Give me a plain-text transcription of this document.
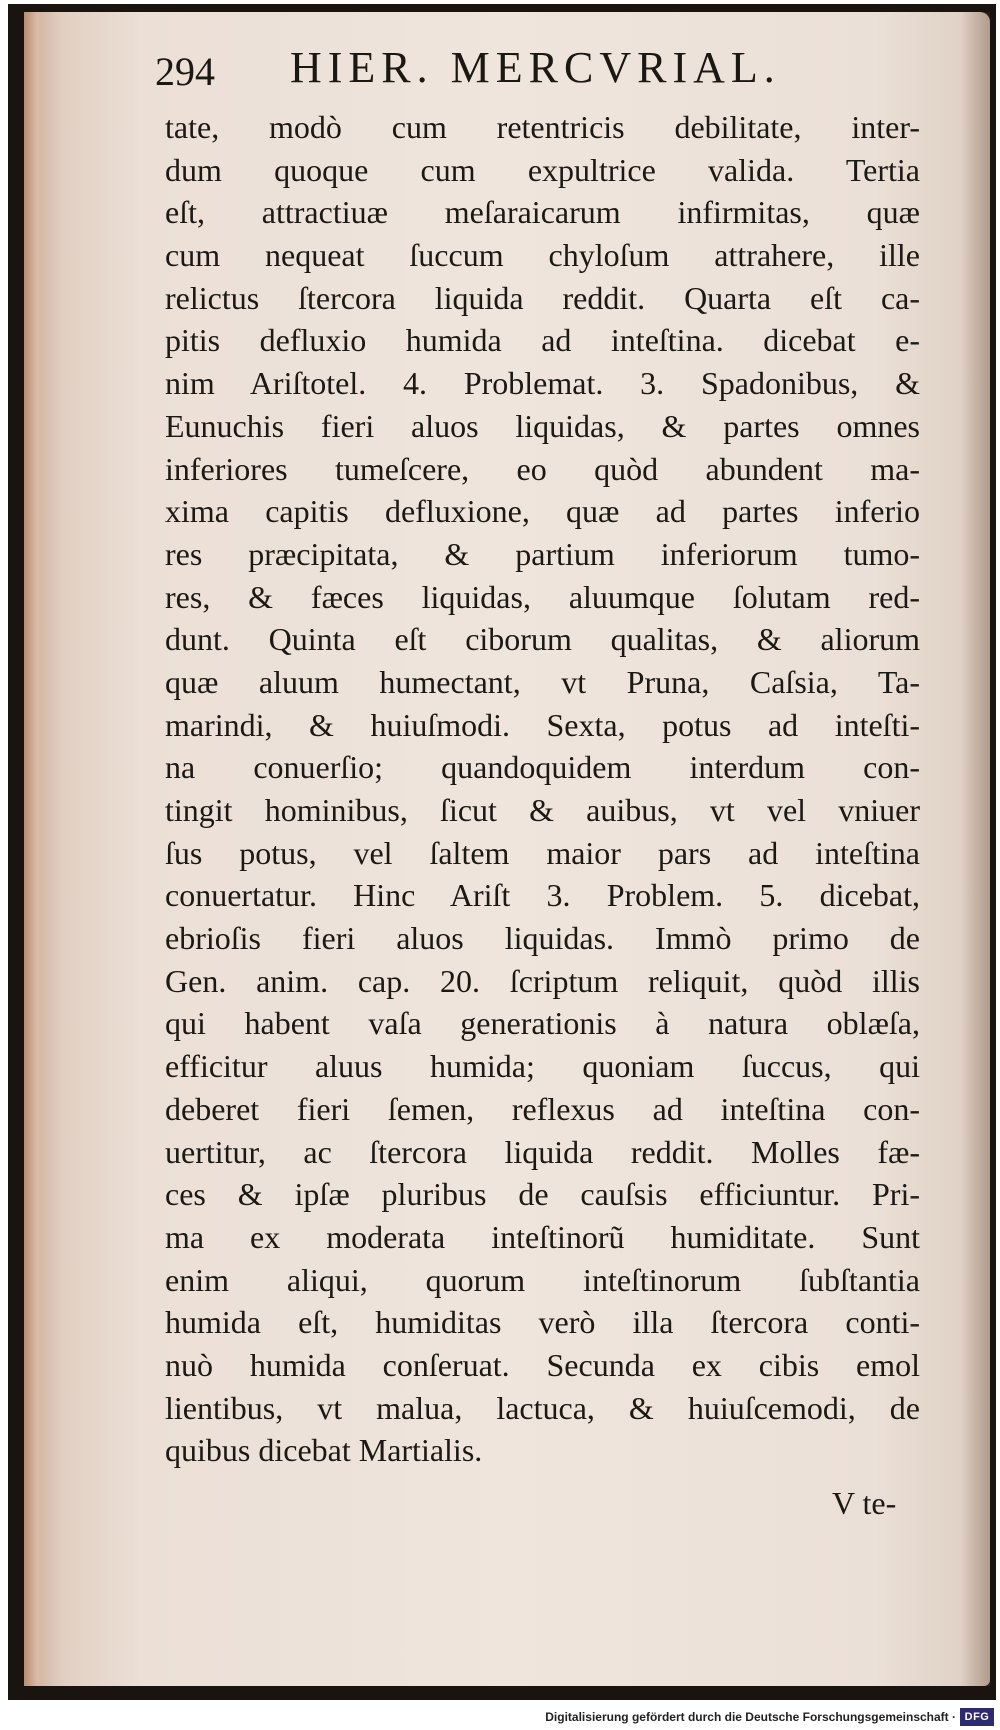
294 HIER. MERCVRIAL.
tate, modò cum retentricis debilitate, inter-
dum quoque cum expultrice valida. Tertia
eſt, attractiuæ meſaraicarum infirmitas, quæ
cum nequeat ſuccum chyloſum attrahere, ille
relictus ſtercora liquida reddit. Quarta eſt ca-
pitis defluxio humida ad inteſtina. dicebat e-
nim Ariſtotel. 4. Problemat. 3. Spadonibus, &
Eunuchis fieri aluos liquidas, & partes omnes
inferiores tumeſcere, eo quòd abundent ma-
xima capitis defluxione, quæ ad partes inferio
res præcipitata, & partium inferiorum tumo-
res, & fæces liquidas, aluumque ſolutam red-
dunt. Quinta eſt ciborum qualitas, & aliorum
quæ aluum humectant, vt Pruna, Caſsia, Ta-
marindi, & huiuſmodi. Sexta, potus ad inteſti-
na conuerſio; quandoquidem interdum con-
tingit hominibus, ſicut & auibus, vt vel vniuer
ſus potus, vel ſaltem maior pars ad inteſtina
conuertatur. Hinc Ariſt 3. Problem. 5. dicebat,
ebrioſis fieri aluos liquidas. Immò primo de
Gen. anim. cap. 20. ſcriptum reliquit, quòd illis
qui habent vaſa generationis à natura oblæſa,
efficitur aluus humida; quoniam ſuccus, qui
deberet fieri ſemen, reflexus ad inteſtina con-
uertitur, ac ſtercora liquida reddit. Molles fæ-
ces & ipſæ pluribus de cauſsis efficiuntur. Pri-
ma ex moderata inteſtinorũ humiditate. Sunt
enim aliqui, quorum inteſtinorum ſubſtantia
humida eſt, humiditas verò illa ſtercora conti-
nuò humida conſeruat. Secunda ex cibis emol
lientibus, vt malua, lactuca, & huiuſcemodi, de
quibus dicebat Martialis.
V te-
Digitalisierung gefördert durch die Deutsche Forschungsgemeinschaft · DFG
